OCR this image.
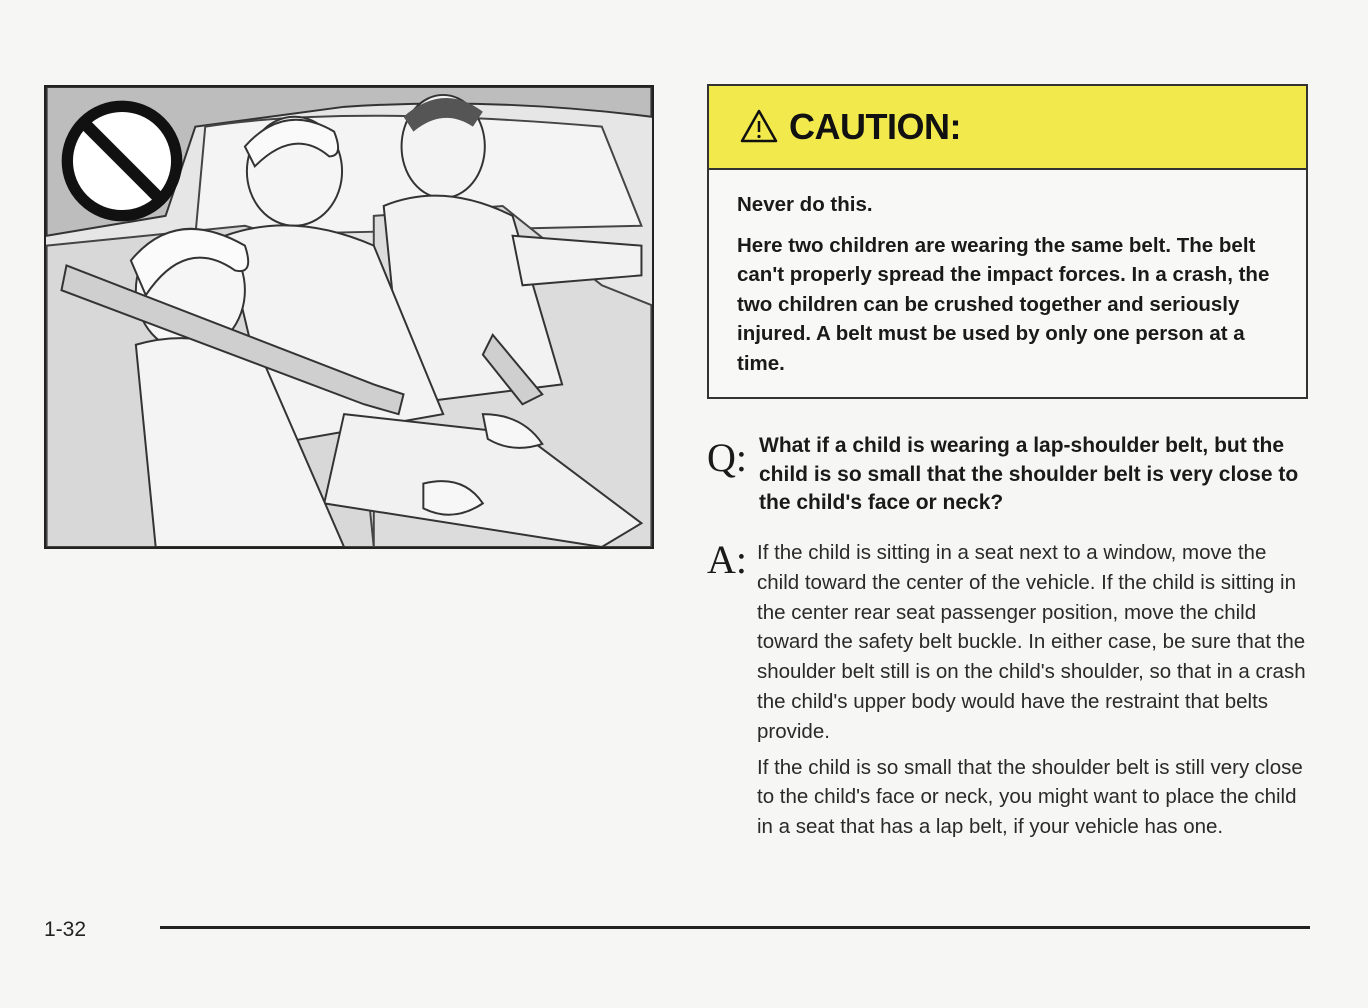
CAUTION:

Never do this.

Here two children are wearing the same belt. The belt can't properly spread the impact forces. In a crash, the two children can be crushed together and seriously injured. A belt must be used by only one person at a time.

Q: What if a child is wearing a lap-shoulder belt, but the child is so small that the shoulder belt is very close to the child's face or neck?
A: If the child is sitting in a seat next to a window, move the child toward the center of the vehicle. If the child is sitting in the center rear seat passenger position, move the child toward the safety belt buckle. In either case, be sure that the shoulder belt still is on the child's shoulder, so that in a crash the child's upper body would have the restraint that belts provide.

If the child is so small that the shoulder belt is still very close to the child's face or neck, you might want to place the child in a seat that has a lap belt, if your vehicle has one.

1-32
